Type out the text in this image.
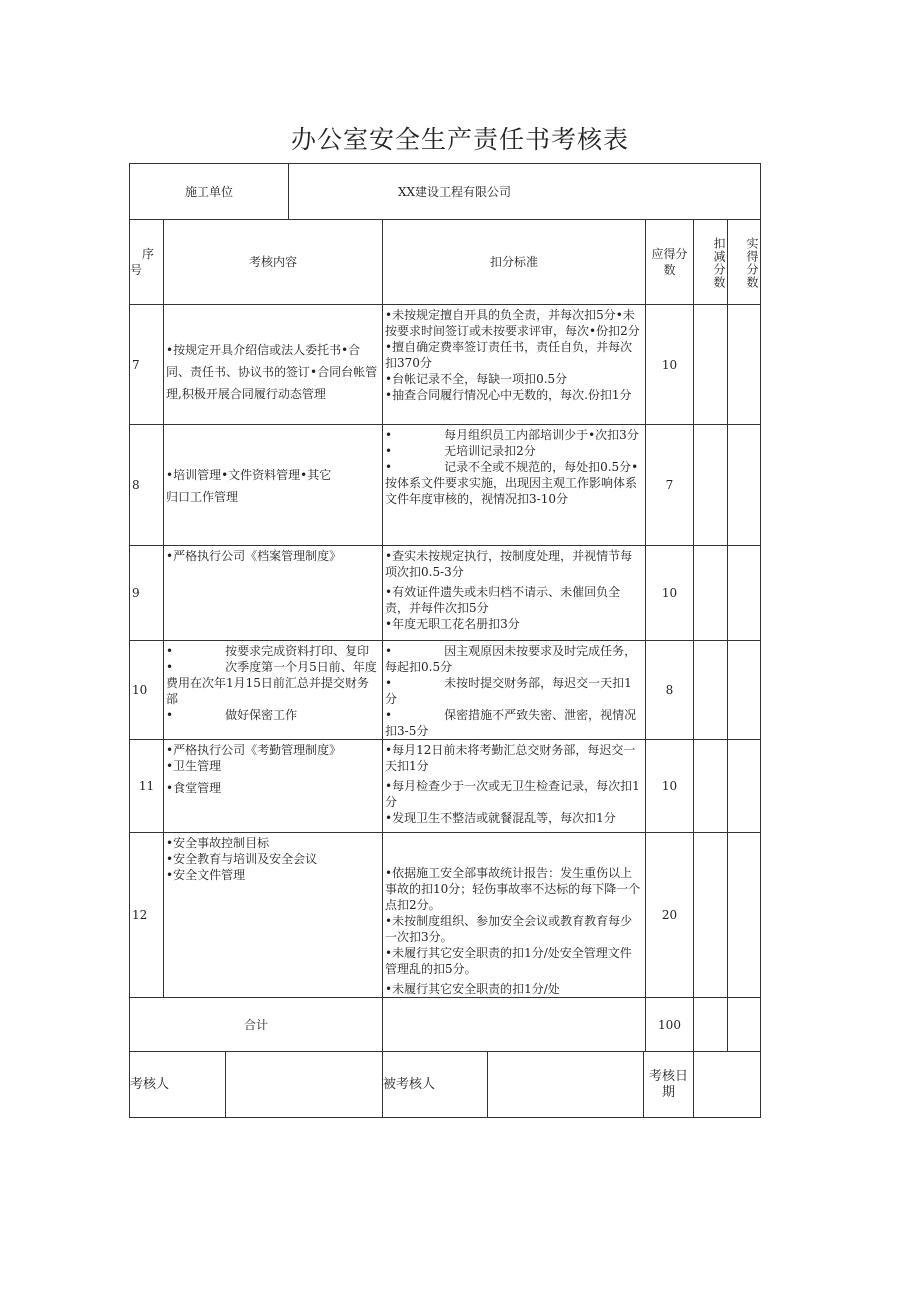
办公室安全生产责任书考核表
施工单位			XX建设工程有限公司						

序
号	考核内容			扣分标准			应得分数	扣减分数	实得分数
7	•按规定开具介绍信或法人委托书•合同、责任书、协议书的签订•合同台帐管理,积极开展合同履行动态管理			•未按规定擅自开具的负全责，并每次扣5分•未按要求时间签订或未按要求评审，每次•份扣2分•擅自确定费率签订责任书，责任自负，并每次扣370分
•台帐记录不全，每缺一项扣0.5分
•抽查合同履行情况心中无数的，每次.份扣1分			10		
8	•培训管理•文件资料管理•其它归口工作管理			• 每月组织员工内部培训少于•次扣3分
• 无培训记录扣2分
• 记录不全或不规范的，每处扣0.5分•按体系文件要求实施，出现因主观工作影响体系文件年度审核的，视情况扣3-10分			7		
9	•严格执行公司《档案管理制度》			•查实未按规定执行，按制度处理，并视情节每项次扣0.5-3分
•有效证件遗失或未归档不请示、未催回负全责，并每件次扣5分
•年度无职工花名册扣3分			10		
10	• 按要求完成资料打印、复印
• 次季度第一个月5日前、年度费用在次年1月15日前汇总并提交财务部
• 做好保密工作			• 因主观原因未按要求及时完成任务，每起扣0.5分
• 未按时提交财务部，每迟交一天扣1分
• 保密措施不严致失密、泄密，视情况扣3-5分			8		
11	•严格执行公司《考勤管理制度》
•卫生管理
•食堂管理			•每月12日前未将考勤汇总交财务部，每迟交一天扣1分
•每月检查少于一次或无卫生检查记录，每次扣1分
•发现卫生不整洁或就餐混乱等，每次扣1分			10		
12	•安全事故控制目标
•安全教育与培训及安全会议
•安全文件管理			•依据施工安全部事故统计报告：发生重伤以上事故的扣10分；轻伤事故率不达标的每下降一个点扣2分。
•未按制度组织、参加安全会议或教育教育每少一次扣3分。
•未履行其它安全职责的扣1分/处安全管理文件管理乱的扣5分。
•未履行其它安全职责的扣1分/处			20		
合计							100		
考核人				被考核人		考核日期			
